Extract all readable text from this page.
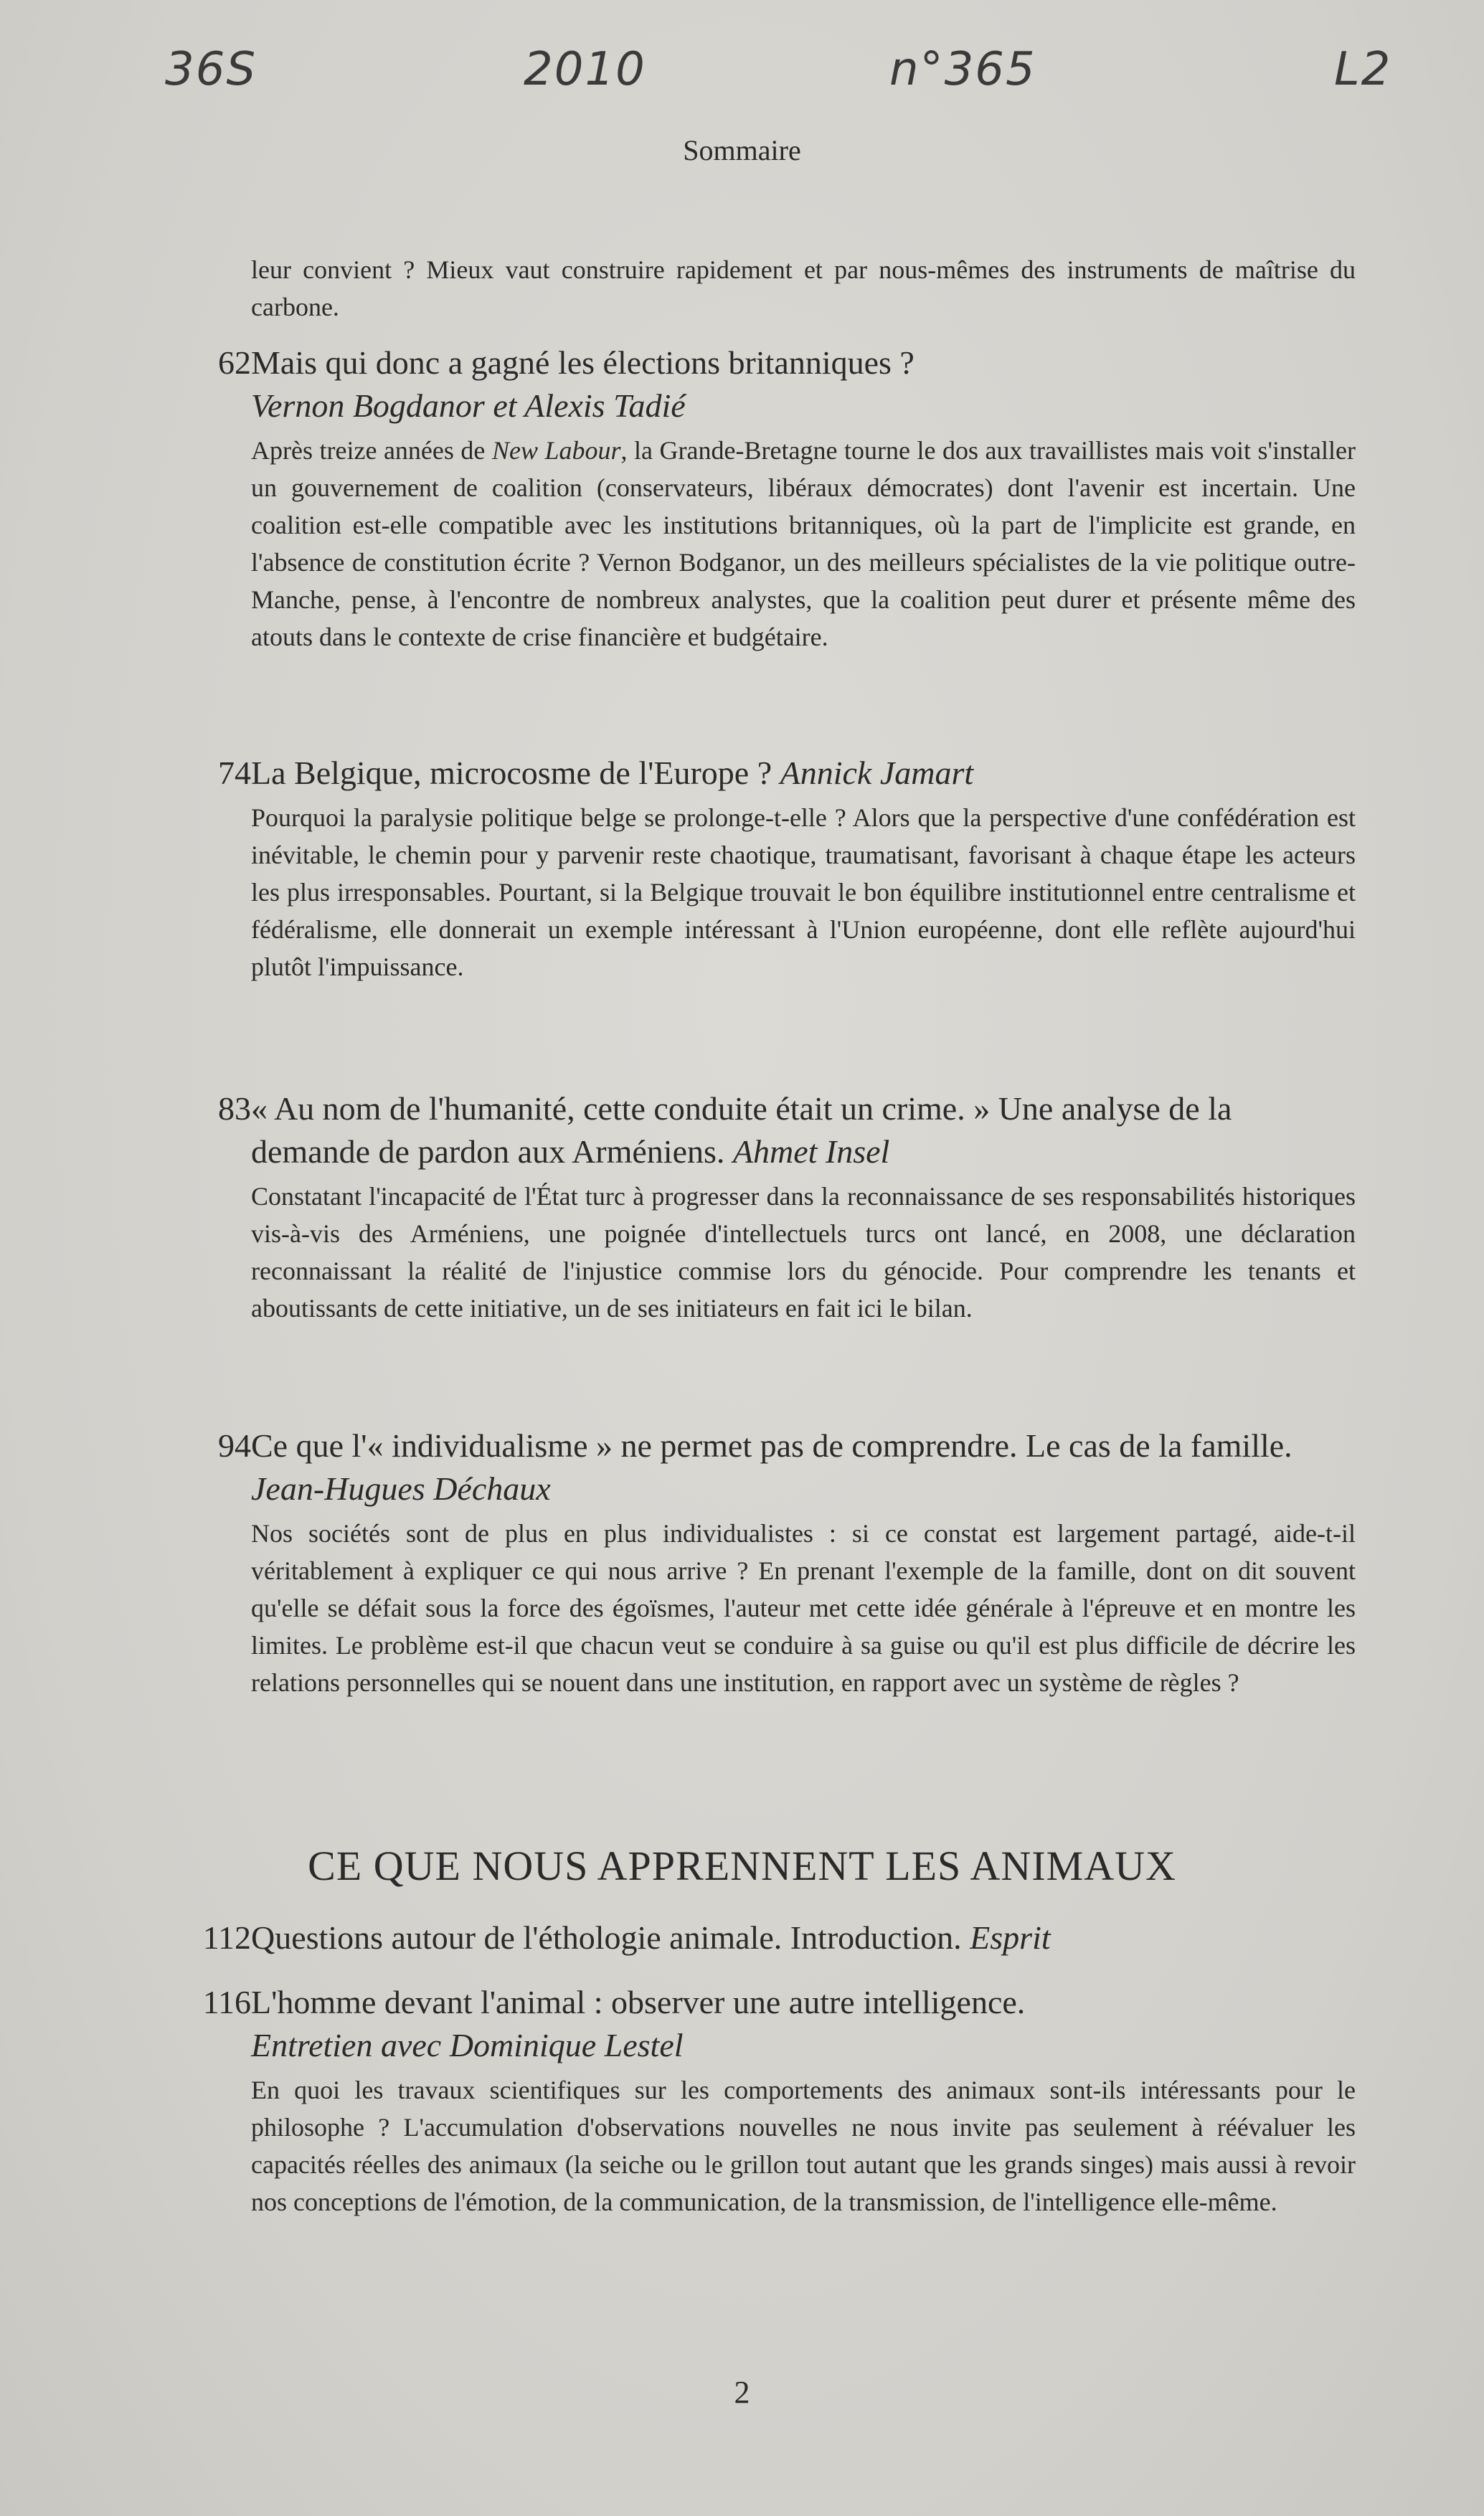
36S	2010	n°365	L2
Sommaire

leur convient ? Mieux vaut construire rapidement et par nous-mêmes des instruments de maîtrise du carbone.

62 Mais qui donc a gagné les élections britanniques ?

Vernon Bogdanor et Alexis Tadié

Après treize années de New Labour, la Grande-Bretagne tourne le dos aux travaillistes mais voit s'installer un gouvernement de coalition (conservateurs, libéraux démocrates) dont l'avenir est incertain. Une coalition est-elle compatible avec les institutions britanniques, où la part de l'implicite est grande, en l'absence de constitution écrite ? Vernon Bodganor, un des meilleurs spécialistes de la vie politique outre-Manche, pense, à l'encontre de nombreux analystes, que la coalition peut durer et présente même des atouts dans le contexte de crise financière et budgétaire.

74 La Belgique, microcosme de l'Europe ? Annick Jamart

Pourquoi la paralysie politique belge se prolonge-t-elle ? Alors que la perspective d'une confédération est inévitable, le chemin pour y parvenir reste chaotique, traumatisant, favorisant à chaque étape les acteurs les plus irresponsables. Pourtant, si la Belgique trouvait le bon équilibre institutionnel entre centralisme et fédéralisme, elle donnerait un exemple intéressant à l'Union européenne, dont elle reflète aujourd'hui plutôt l'impuissance.

83 « Au nom de l'humanité, cette conduite était un crime. » Une analyse de la demande de pardon aux Arméniens. Ahmet Insel

Constatant l'incapacité de l'État turc à progresser dans la reconnaissance de ses responsabilités historiques vis-à-vis des Arméniens, une poignée d'intellectuels turcs ont lancé, en 2008, une déclaration reconnaissant la réalité de l'injustice commise lors du génocide. Pour comprendre les tenants et aboutissants de cette initiative, un de ses initiateurs en fait ici le bilan.

94 Ce que l'« individualisme » ne permet pas de comprendre. Le cas de la famille. Jean-Hugues Déchaux

Nos sociétés sont de plus en plus individualistes : si ce constat est largement partagé, aide-t-il véritablement à expliquer ce qui nous arrive ? En prenant l'exemple de la famille, dont on dit souvent qu'elle se défait sous la force des égoïsmes, l'auteur met cette idée générale à l'épreuve et en montre les limites. Le problème est-il que chacun veut se conduire à sa guise ou qu'il est plus difficile de décrire les relations personnelles qui se nouent dans une institution, en rapport avec un système de règles ?

CE QUE NOUS APPRENNENT LES ANIMAUX
112 Questions autour de l'éthologie animale. Introduction. Esprit

116 L'homme devant l'animal : observer une autre intelligence.

Entretien avec Dominique Lestel

En quoi les travaux scientifiques sur les comportements des animaux sont-ils intéressants pour le philosophe ? L'accumulation d'observations nouvelles ne nous invite pas seulement à réévaluer les capacités réelles des animaux (la seiche ou le grillon tout autant que les grands singes) mais aussi à revoir nos conceptions de l'émotion, de la communication, de la transmission, de l'intelligence elle-même.

2
